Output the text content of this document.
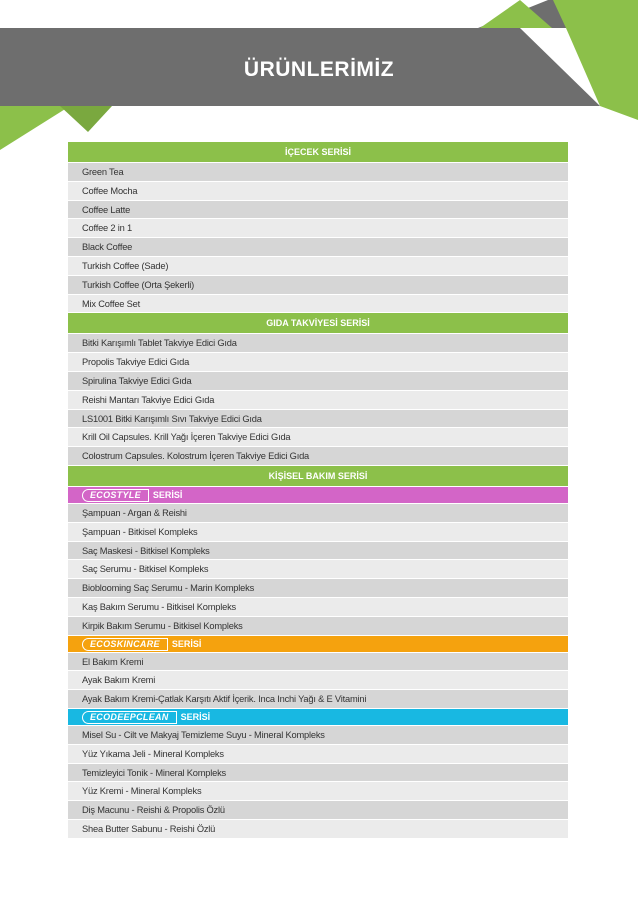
ÜRÜNLERİMİZ
İÇECEK SERİSİ
Green Tea
Coffee Mocha
Coffee Latte
Coffee 2 in 1
Black Coffee
Turkish Coffee (Sade)
Turkish Coffee (Orta Şekerli)
Mix Coffee Set
GIDA TAKVİYESİ SERİSİ
Bitki Karışımlı Tablet Takviye Edici Gıda
Propolis Takviye Edici Gıda
Spirulina Takviye Edici Gıda
Reishi Mantarı Takviye Edici Gıda
LS1001 Bitki Karışımlı Sıvı Takviye Edici Gıda
Krill Oil Capsules. Krill Yağı İçeren Takviye Edici Gıda
Colostrum Capsules. Kolostrum İçeren Takviye Edici Gıda
KİŞİSEL BAKIM SERİSİ
ECOSTYLE SERİSİ
Şampuan - Argan & Reishi
Şampuan - Bitkisel Kompleks
Saç Maskesi - Bitkisel Kompleks
Saç Serumu - Bitkisel Kompleks
Bioblooming Saç Serumu - Marin Kompleks
Kaş Bakım Serumu - Bitkisel Kompleks
Kirpik Bakım Serumu - Bitkisel Kompleks
ECOSKINCARE SERİSİ
El Bakım Kremi
Ayak Bakım Kremi
Ayak Bakım Kremi-Çatlak Karşıtı Aktif İçerik. Inca Inchi Yağı & E Vitamini
ECODEEPCLEAN SERİSİ
Misel Su - Cilt ve Makyaj Temizleme Suyu - Mineral Kompleks
Yüz Yıkama Jeli - Mineral Kompleks
Temizleyici Tonik - Mineral Kompleks
Yüz Kremi - Mineral Kompleks
Diş Macunu - Reishi & Propolis Özlü
Shea Butter Sabunu - Reishi Özlü
